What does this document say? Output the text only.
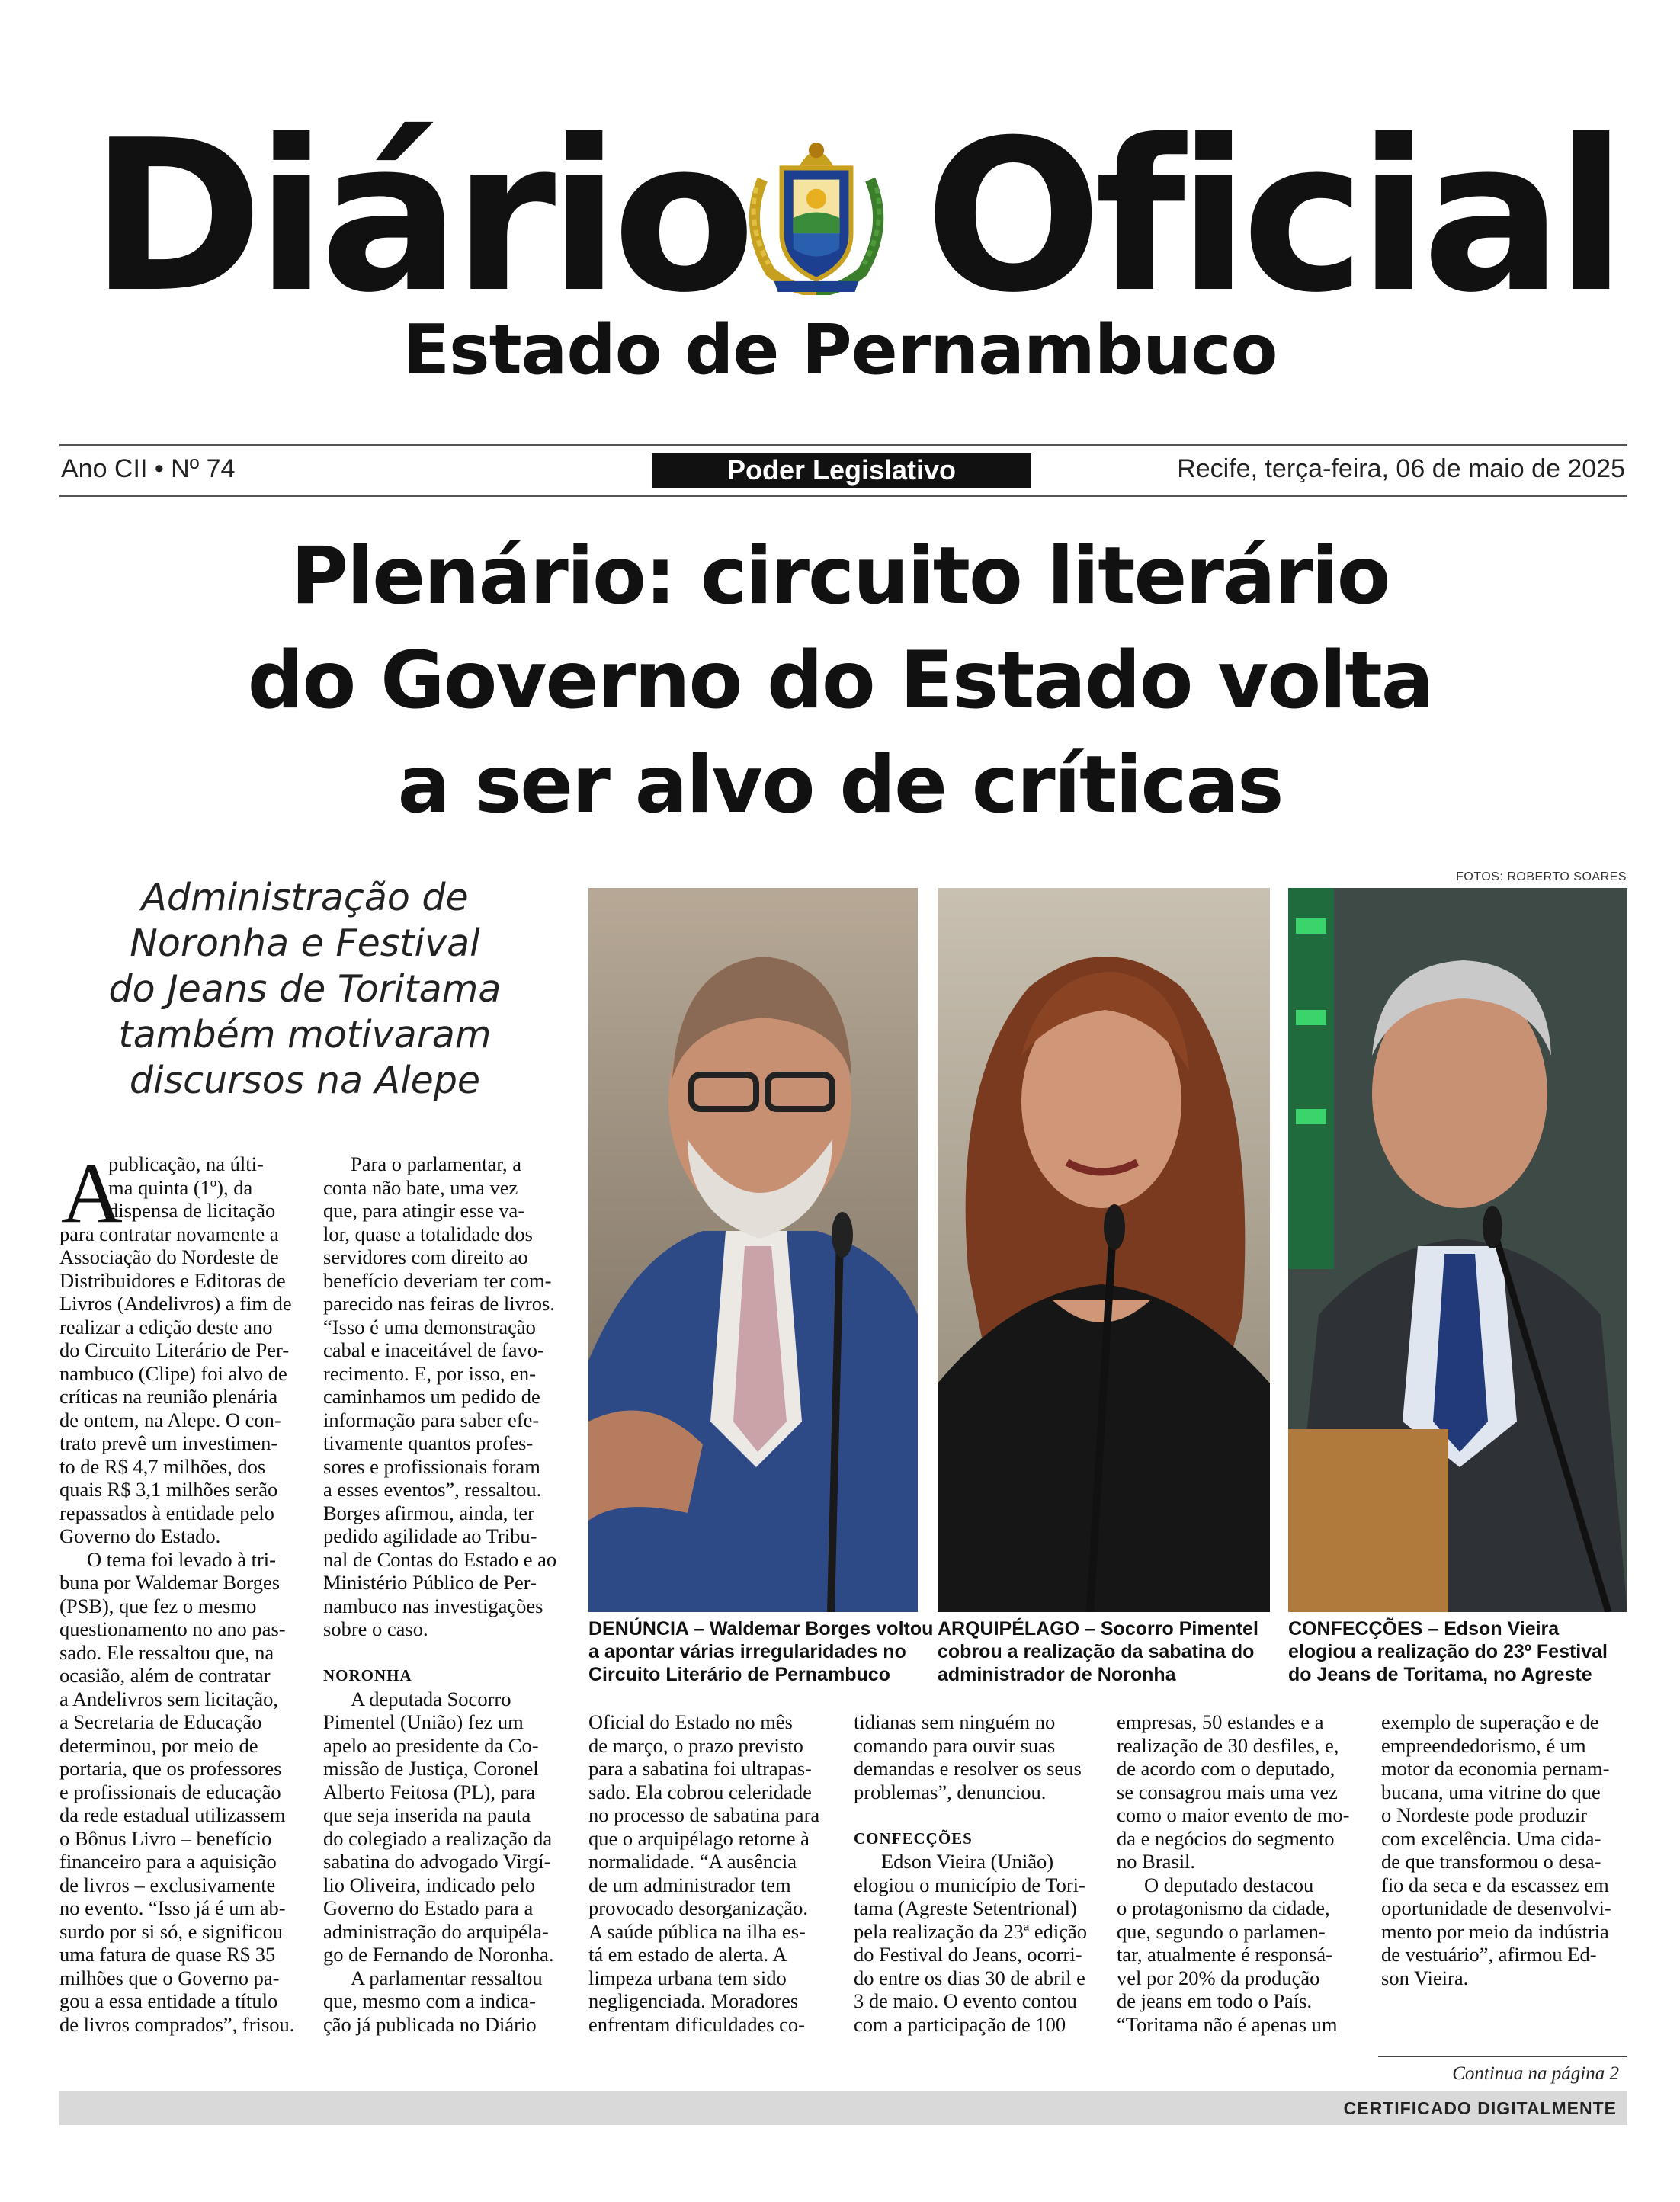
Diário Oficial
Estado de Pernambuco
Ano CII • Nº 74	Poder Legislativo	Recife, terça-feira, 06 de maio de 2025
Plenário: circuito literário
do Governo do Estado volta
a ser alvo de críticas
FOTOS: ROBERTO SOARES
Administração de
Noronha e Festival
do Jeans de Toritama
também motivaram
discursos na Alepe
DENÚNCIA – Waldemar Borges voltou
a apontar várias irregularidades no
Circuito Literário de Pernambuco
ARQUIPÉLAGO – Socorro Pimentel
cobrou a realização da sabatina do
administrador de Noronha
CONFECÇÕES – Edson Vieira
elogiou a realização do 23º Festival
do Jeans de Toritama, no Agreste
A
publicação, na últi-
ma quinta (1º), da
dispensa de licitação
para contratar novamente a
Associação do Nordeste de
Distribuidores e Editoras de
Livros (Andelivros) a fim de
realizar a edição deste ano
do Circuito Literário de Per-
nambuco (Clipe) foi alvo de
críticas na reunião plenária
de ontem, na Alepe. O con-
trato prevê um investimen-
to de R$ 4,7 milhões, dos
quais R$ 3,1 milhões serão
repassados à entidade pelo
Governo do Estado.
O tema foi levado à tri-
buna por Waldemar Borges
(PSB), que fez o mesmo
questionamento no ano pas-
sado. Ele ressaltou que, na
ocasião, além de contratar
a Andelivros sem licitação,
a Secretaria de Educação
determinou, por meio de
portaria, que os professores
e profissionais de educação
da rede estadual utilizassem
o Bônus Livro – benefício
financeiro para a aquisição
de livros – exclusivamente
no evento. “Isso já é um ab-
surdo por si só, e significou
uma fatura de quase R$ 35
milhões que o Governo pa-
gou a essa entidade a título
de livros comprados”, frisou.
Para o parlamentar, a
conta não bate, uma vez
que, para atingir esse va-
lor, quase a totalidade dos
servidores com direito ao
benefício deveriam ter com-
parecido nas feiras de livros.
“Isso é uma demonstração
cabal e inaceitável de favo-
recimento. E, por isso, en-
caminhamos um pedido de
informação para saber efe-
tivamente quantos profes-
sores e profissionais foram
a esses eventos”, ressaltou.
Borges afirmou, ainda, ter
pedido agilidade ao Tribu-
nal de Contas do Estado e ao
Ministério Público de Per-
nambuco nas investigações
sobre o caso.
NORONHA
A deputada Socorro
Pimentel (União) fez um
apelo ao presidente da Co-
missão de Justiça, Coronel
Alberto Feitosa (PL), para
que seja inserida na pauta
do colegiado a realização da
sabatina do advogado Virgí-
lio Oliveira, indicado pelo
Governo do Estado para a
administração do arquipéla-
go de Fernando de Noronha.
A parlamentar ressaltou
que, mesmo com a indica-
ção já publicada no Diário
Oficial do Estado no mês
de março, o prazo previsto
para a sabatina foi ultrapas-
sado. Ela cobrou celeridade
no processo de sabatina para
que o arquipélago retorne à
normalidade. “A ausência
de um administrador tem
provocado desorganização.
A saúde pública na ilha es-
tá em estado de alerta. A
limpeza urbana tem sido
negligenciada. Moradores
enfrentam dificuldades co-
tidianas sem ninguém no
comando para ouvir suas
demandas e resolver os seus
problemas”, denunciou.
CONFECÇÕES
Edson Vieira (União)
elogiou o município de Tori-
tama (Agreste Setentrional)
pela realização da 23ª edição
do Festival do Jeans, ocorri-
do entre os dias 30 de abril e
3 de maio. O evento contou
com a participação de 100
empresas, 50 estandes e a
realização de 30 desfiles, e,
de acordo com o deputado,
se consagrou mais uma vez
como o maior evento de mo-
da e negócios do segmento
no Brasil.
O deputado destacou
o protagonismo da cidade,
que, segundo o parlamen-
tar, atualmente é responsá-
vel por 20% da produção
de jeans em todo o País.
“Toritama não é apenas um
exemplo de superação e de
empreendedorismo, é um
motor da economia pernam-
bucana, uma vitrine do que
o Nordeste pode produzir
com excelência. Uma cida-
de que transformou o desa-
fio da seca e da escassez em
oportunidade de desenvolvi-
mento por meio da indústria
de vestuário”, afirmou Ed-
son Vieira.
Continua na página 2
CERTIFICADO DIGITALMENTE
